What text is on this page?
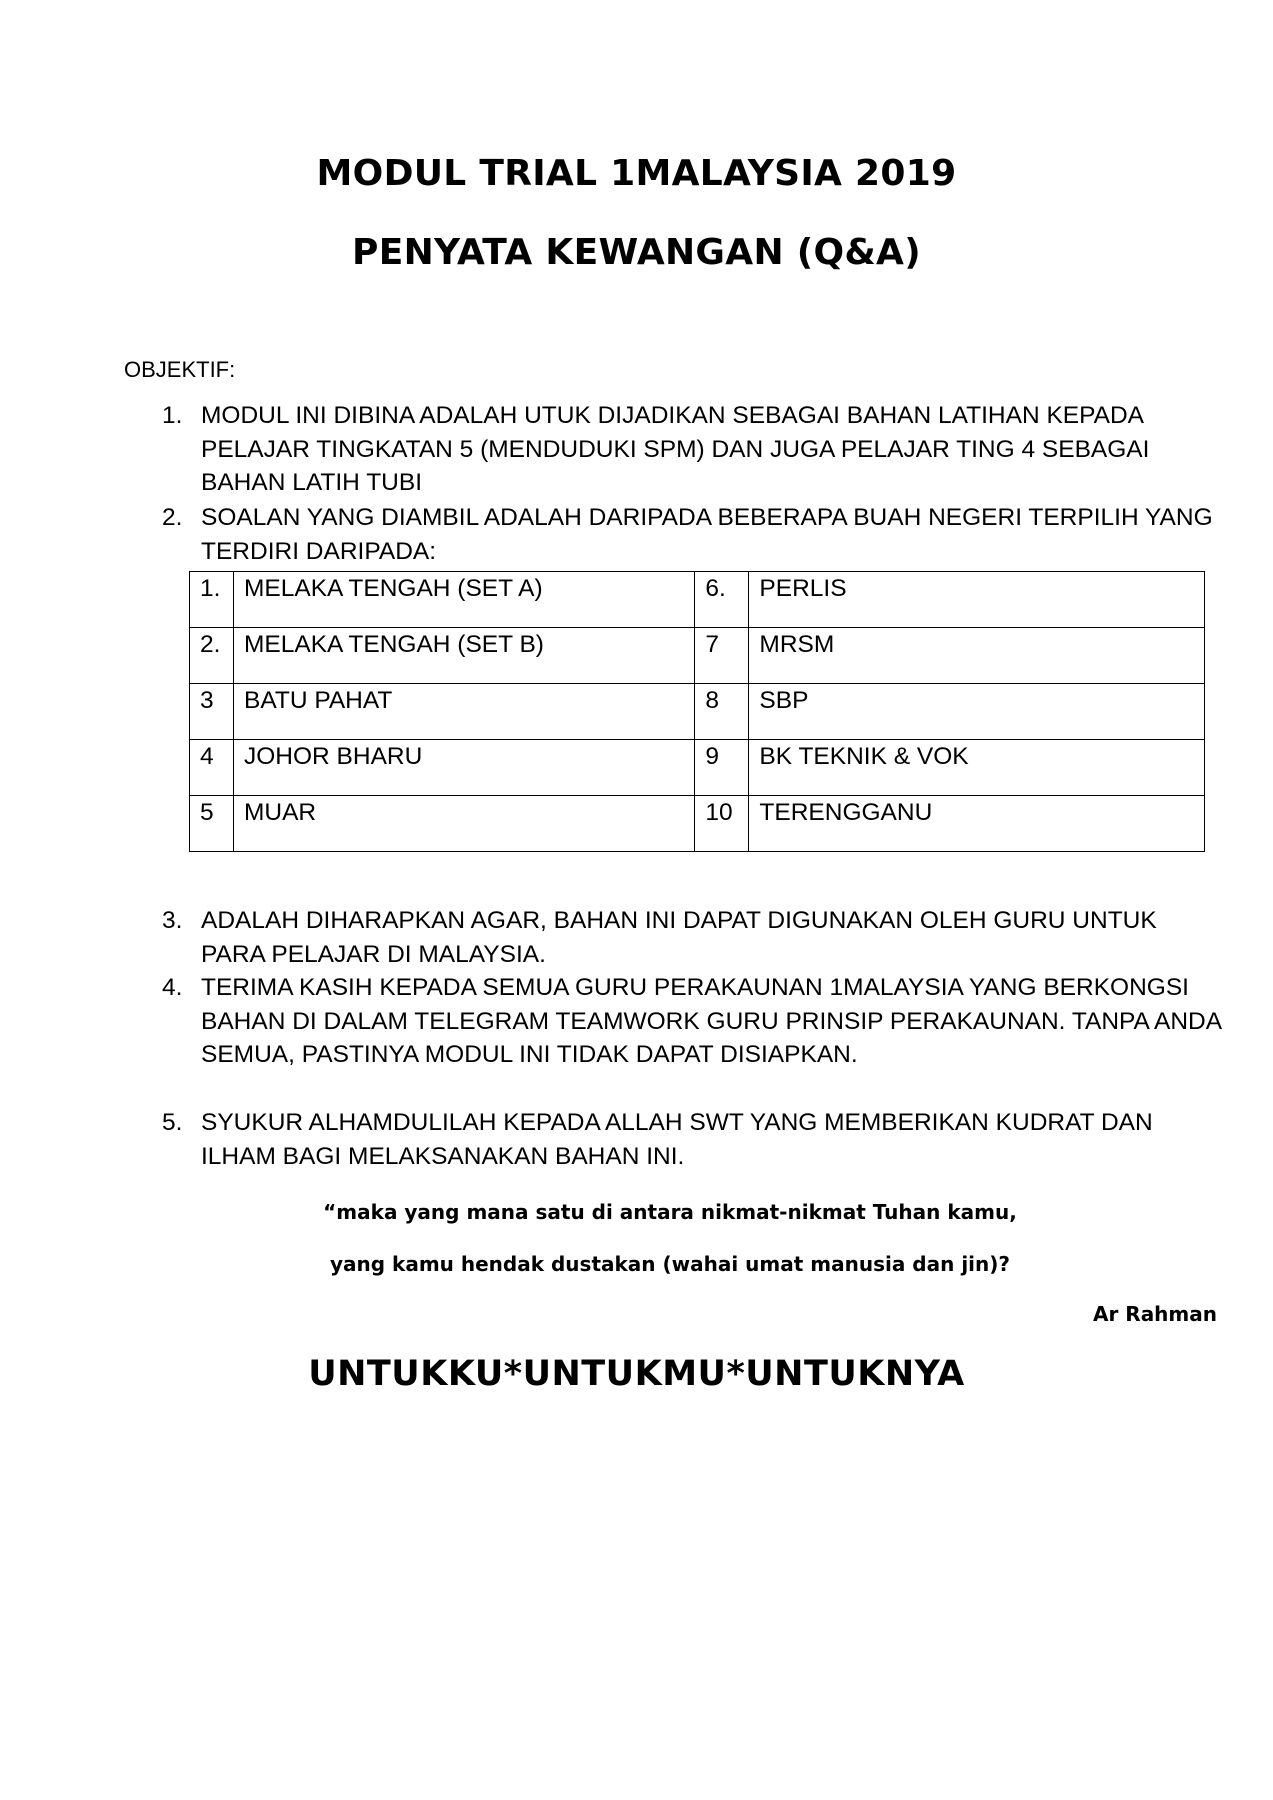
MODUL TRIAL 1MALAYSIA 2019
PENYATA KEWANGAN (Q&A)
OBJEKTIF:
1. MODUL INI DIBINA ADALAH UTUK DIJADIKAN SEBAGAI BAHAN LATIHAN KEPADA PELAJAR TINGKATAN 5 (MENDUDUKI SPM) DAN JUGA PELAJAR TING 4 SEBAGAI BAHAN LATIH TUBI
2. SOALAN YANG DIAMBIL ADALAH DARIPADA BEBERAPA BUAH NEGERI TERPILIH YANG TERDIRI DARIPADA:
1.	MELAKA TENGAH (SET A)	6.	PERLIS
2.	MELAKA TENGAH (SET B)	7	MRSM
3	BATU PAHAT	8	SBP
4	JOHOR BHARU	9	BK TEKNIK & VOK
5	MUAR	10	TERENGGANU
3. ADALAH DIHARAPKAN AGAR, BAHAN INI DAPAT DIGUNAKAN OLEH GURU UNTUK PARA PELAJAR DI MALAYSIA.
4. TERIMA KASIH KEPADA SEMUA GURU PERAKAUNAN 1MALAYSIA YANG BERKONGSI BAHAN DI DALAM TELEGRAM TEAMWORK GURU PRINSIP PERAKAUNAN. TANPA ANDA SEMUA, PASTINYA MODUL INI TIDAK DAPAT DISIAPKAN.
5. SYUKUR ALHAMDULILAH KEPADA ALLAH SWT YANG MEMBERIKAN KUDRAT DAN ILHAM BAGI MELAKSANAKAN BAHAN INI.
“maka yang mana satu di antara nikmat-nikmat Tuhan kamu,
yang kamu hendak dustakan (wahai umat manusia dan jin)?
Ar Rahman
UNTUKKU*UNTUKMU*UNTUKNYA
